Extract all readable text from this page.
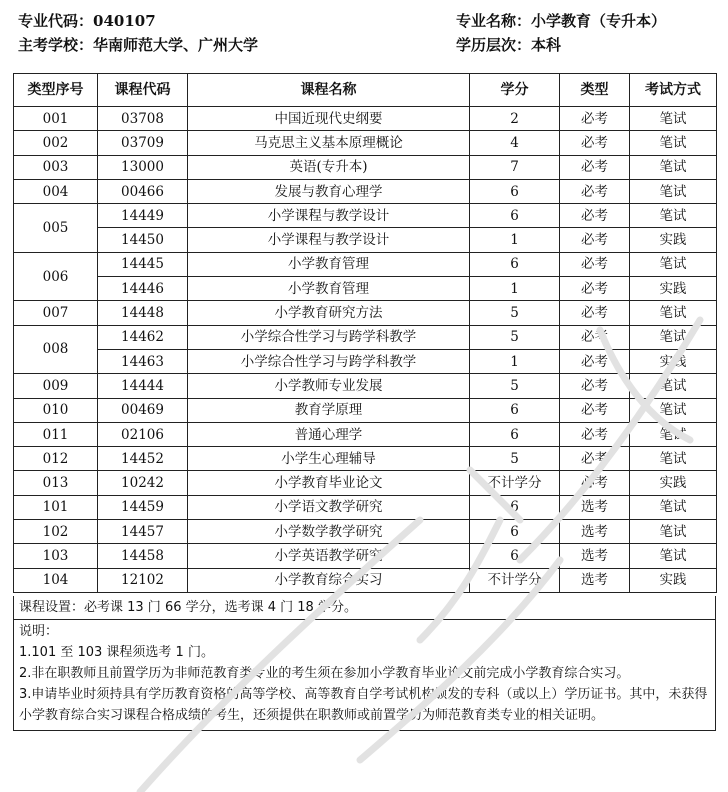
专业代码：040107
主考学校：华南师范大学、广州大学
专业名称：小学教育（专升本）
学历层次：本科
类型序号	课程代码	课程名称	学分	类型	考试方式
001	03708	中国近现代史纲要	2	必考	笔试
002	03709	马克思主义基本原理概论	4	必考	笔试
003	13000	英语(专升本)	7	必考	笔试
004	00466	发展与教育心理学	6	必考	笔试
005	14449	小学课程与教学设计	6	必考	笔试
	14450	小学课程与教学设计	1	必考	实践
006	14445	小学教育管理	6	必考	笔试
	14446	小学教育管理	1	必考	实践
007	14448	小学教育研究方法	5	必考	笔试
008	14462	小学综合性学习与跨学科教学	5	必考	笔试
	14463	小学综合性学习与跨学科教学	1	必考	实践
009	14444	小学教师专业发展	5	必考	笔试
010	00469	教育学原理	6	必考	笔试
011	02106	普通心理学	6	必考	笔试
012	14452	小学生心理辅导	5	必考	笔试
013	10242	小学教育毕业论文	不计学分	必考	实践
101	14459	小学语文教学研究	6	选考	笔试
102	14457	小学数学教学研究	6	选考	笔试
103	14458	小学英语教学研究	6	选考	笔试
104	12102	小学教育综合实习	不计学分	选考	实践
课程设置：必考课 13 门 66 学分，选考课 4 门 18 学分。

说明：

1.101 至 103 课程须选考 1 门。

2.非在职教师且前置学历为非师范教育类专业的考生须在参加小学教育毕业论文前完成小学教育综合实习。

3.申请毕业时须持具有学历教育资格的高等学校、高等教育自学考试机构颁发的专科（或以上）学历证书。其中，未获得小学教育综合实习课程合格成绩的考生，还须提供在职教师或前置学历为师范教育类专业的相关证明。
